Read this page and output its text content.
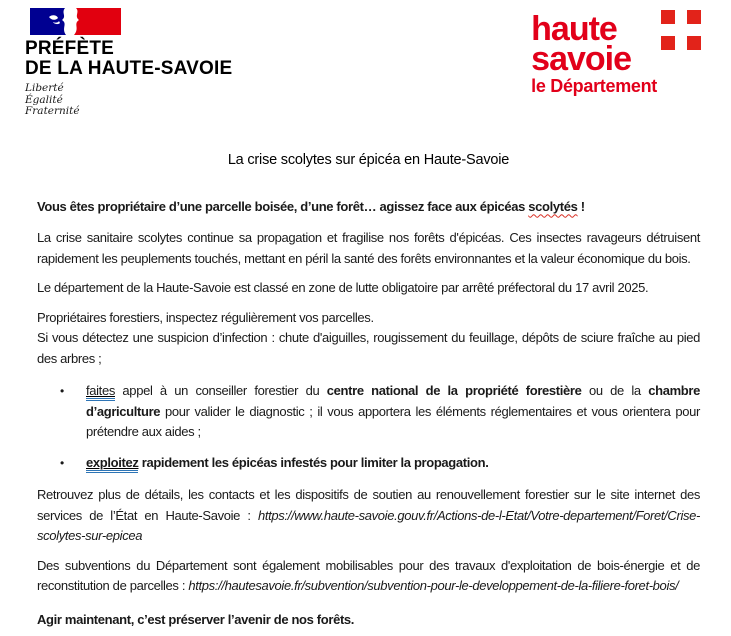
PRÉFÈTE
DE LA HAUTE-SAVOIE
Liberté
Égalité
Fraternité
haute
savoie
le Département
La crise scolytes sur épicéa en Haute-Savoie

Vous êtes propriétaire d’une parcelle boisée, d’une forêt… agissez face aux épicéas scolytés !

La crise sanitaire scolytes continue sa propagation et fragilise nos forêts d'épicéas. Ces insectes ravageurs détruisent rapidement les peuplements touchés, mettant en péril la santé des forêts environnantes et la valeur économique du bois.

Le département de la Haute-Savoie est classé en zone de lutte obligatoire par arrêté préfectoral du 17 avril 2025.

Propriétaires forestiers, inspectez régulièrement vos parcelles.
Si vous détectez une suspicion d’infection : chute d'aiguilles, rougissement du feuillage, dépôts de sciure fraîche au pied des arbres ;

•	faites appel à un conseiller forestier du centre national de la propriété forestière ou de la chambre d’agriculture pour valider le diagnostic ; il vous apportera les éléments réglementaires et vous orientera pour prétendre aux aides ;
•	exploitez rapidement les épicéas infestés pour limiter la propagation.

Retrouvez plus de détails, les contacts et les dispositifs de soutien au renouvellement forestier sur le site internet des services de l’État en Haute-Savoie : https://www.haute-savoie.gouv.fr/Actions-de-l-Etat/Votre-departement/Foret/Crise-scolytes-sur-epicea

Des subventions du Département sont également mobilisables pour des travaux d'exploitation de bois-énergie et de reconstitution de parcelles : https://hautesavoie.fr/subvention/subvention-pour-le-developpement-de-la-filiere-foret-bois/

Agir maintenant, c’est préserver l’avenir de nos forêts.
